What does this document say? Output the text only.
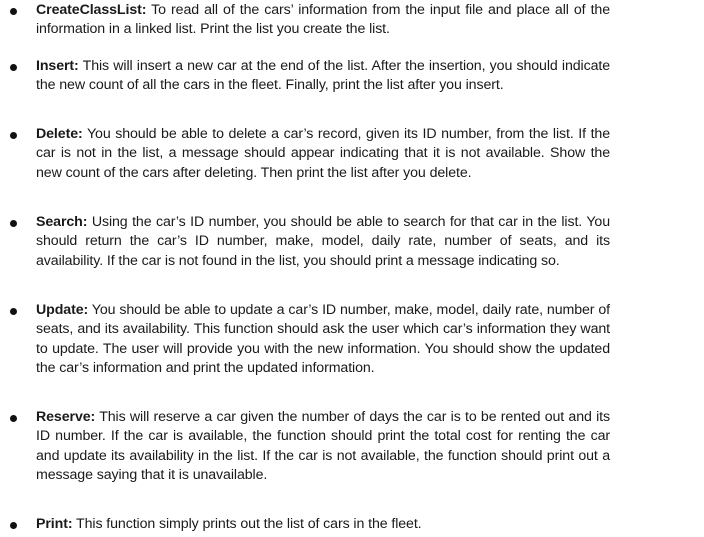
CreateClassList: To read all of the cars’ information from the input file and place all of the information in a linked list. Print the list you create the list.
Insert: This will insert a new car at the end of the list. After the insertion, you should indicate the new count of all the cars in the fleet. Finally, print the list after you insert.
Delete: You should be able to delete a car’s record, given its ID number, from the list. If the car is not in the list, a message should appear indicating that it is not available. Show the new count of the cars after deleting. Then print the list after you delete.
Search: Using the car’s ID number, you should be able to search for that car in the list. You should return the car’s ID number, make, model, daily rate, number of seats, and its availability. If the car is not found in the list, you should print a message indicating so.
Update: You should be able to update a car’s ID number, make, model, daily rate, number of seats, and its availability. This function should ask the user which car’s information they want to update. The user will provide you with the new information. You should show the updated the car’s information and print the updated information.
Reserve: This will reserve a car given the number of days the car is to be rented out and its ID number. If the car is available, the function should print the total cost for renting the car and update its availability in the list. If the car is not available, the function should print out a message saying that it is unavailable.
Print: This function simply prints out the list of cars in the fleet.
